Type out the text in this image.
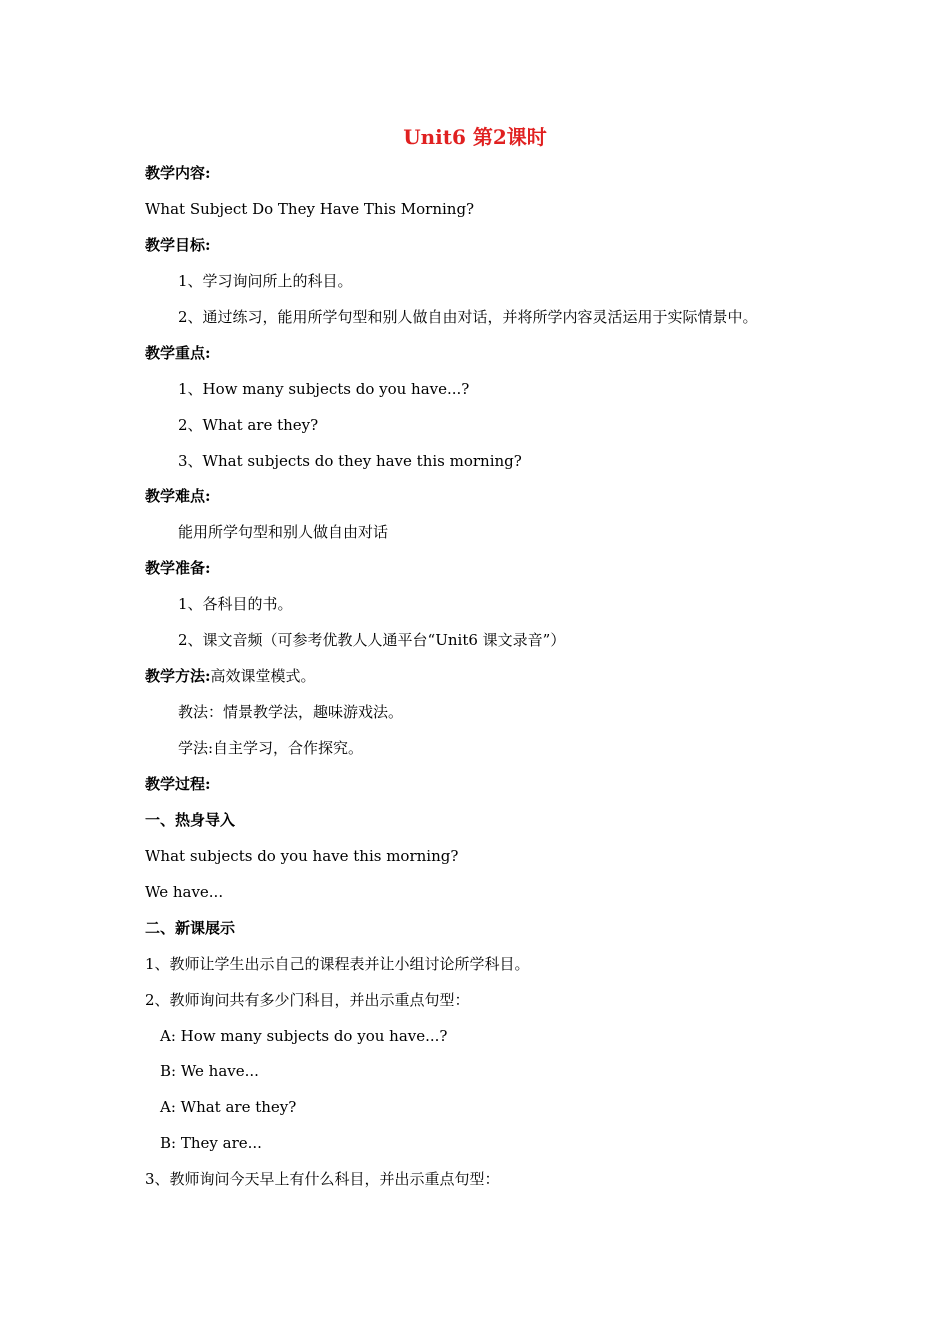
Unit6 第2课时
教学内容:
What Subject Do They Have This Morning?
教学目标:
1、学习询问所上的科目。
2、通过练习，能用所学句型和别人做自由对话，并将所学内容灵活运用于实际情景中。
教学重点:
1、How many subjects do you have...?
2、What are they?
3、What subjects do they have this morning?
教学难点:
能用所学句型和别人做自由对话
教学准备:
1、各科目的书。
2、课文音频（可参考优教人人通平台“Unit6 课文录音”）
教学方法:高效课堂模式。
教法：情景教学法，趣味游戏法。
学法:自主学习，合作探究。
教学过程:
一、热身导入
What subjects do you have this morning?
We have...
二、新课展示
1、教师让学生出示自己的课程表并让小组讨论所学科目。
2、教师询问共有多少门科目，并出示重点句型：
A: How many subjects do you have...?
B: We have...
A: What are they?
B: They are...
3、教师询问今天早上有什么科目，并出示重点句型：
